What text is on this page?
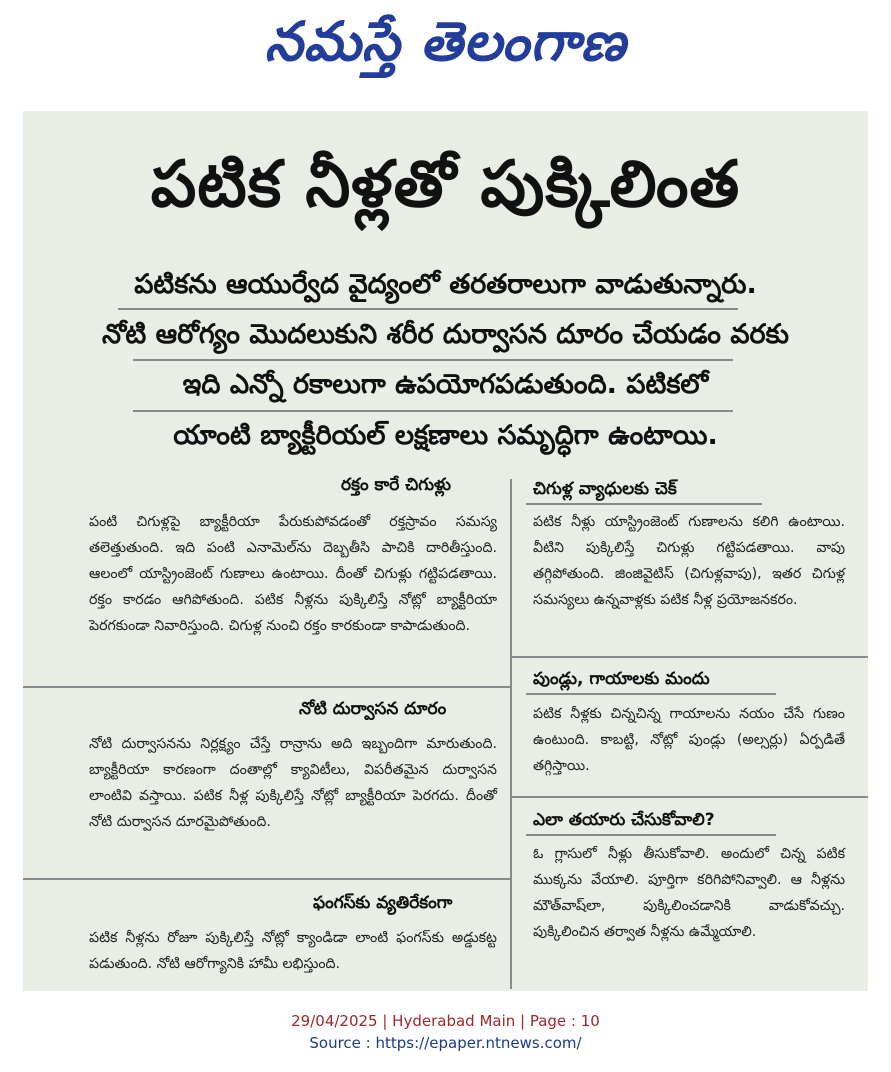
నమస్తే తెలంగాణ
పటిక నీళ్లతో పుక్కిలింత
పటికను ఆయుర్వేద వైద్యంలో తరతరాలుగా వాడుతున్నారు.
నోటి ఆరోగ్యం మొదలుకుని శరీర దుర్వాసన దూరం చేయడం వరకు
ఇది ఎన్నో రకాలుగా ఉపయోగపడుతుంది. పటికలో
యాంటి బ్యాక్టీరియల్ లక్షణాలు సమృద్ధిగా ఉంటాయి.
రక్తం కారే చిగుళ్లు
పంటి చిగుళ్లపై బ్యాక్టీరియా పేరుకుపోవడంతో రక్తస్రావం సమస్య తలెత్తుతుంది. ఇది పంటి ఎనామెల్‌ను దెబ్బతీసి పాచికి దారితీస్తుంది. ఆలంలో యాస్ట్రింజెంట్ గుణాలు ఉంటాయి. దీంతో చిగుళ్లు గట్టిపడతాయి. రక్తం కారడం ఆగిపోతుంది. పటిక నీళ్లను పుక్కిలిస్తే నోట్లో బ్యాక్టీరియా పెరగకుండా నివారిస్తుంది. చిగుళ్ల నుంచి రక్తం కారకుండా కాపాడుతుంది.
నోటి దుర్వాసన దూరం
నోటి దుర్వాసనను నిర్లక్ష్యం చేస్తే రాన్రాను అది ఇబ్బందిగా మారుతుంది. బ్యాక్టీరియా కారణంగా దంతాల్లో క్యావిటీలు, విపరీతమైన దుర్వాసన లాంటివి వస్తాయి. పటిక నీళ్ల పుక్కిలిస్తే నోట్లో బ్యాక్టీరియా పెరగదు. దీంతో నోటి దుర్వాసన దూరమైపోతుంది.
ఫంగస్‌కు వ్యతిరేకంగా
పటిక నీళ్లను రోజూ పుక్కిలిస్తే నోట్లో క్యాండిడా లాంటి ఫంగస్‌కు అడ్డుకట్ట పడుతుంది. నోటి ఆరోగ్యానికి హామీ లభిస్తుంది.
చిగుళ్ల వ్యాధులకు చెక్
పటిక నీళ్లు యాస్ట్రింజెంట్ గుణాలను కలిగి ఉంటాయి. వీటిని పుక్కిలిస్తే చిగుళ్లు గట్టిపడతాయి. వాపు తగ్గిపోతుంది. జింజివైటిస్ (చిగుళ్లవాపు), ఇతర చిగుళ్ల సమస్యలు ఉన్నవాళ్లకు పటిక నీళ్ల ప్రయోజనకరం.
పుండ్లు, గాయాలకు మందు
పటిక నీళ్లకు చిన్నచిన్న గాయాలను నయం చేసే గుణం ఉంటుంది. కాబట్టి, నోట్లో పుండ్లు (అల్సర్లు) ఏర్పడితే తగ్గిస్తాయి.
ఎలా తయారు చేసుకోవాలి?
ఓ గ్లాసులో నీళ్లు తీసుకోవాలి. అందులో చిన్న పటిక ముక్కను వేయాలి. పూర్తిగా కరిగిపోనివ్వాలి. ఆ నీళ్లను మౌత్‌వాష్‌లా, పుక్కిలించడానికి వాడుకోవచ్చు. పుక్కిలించిన తర్వాత నీళ్లను ఉమ్మేయాలి.
29/04/2025 | Hyderabad Main | Page : 10
Source : https://epaper.ntnews.com/
